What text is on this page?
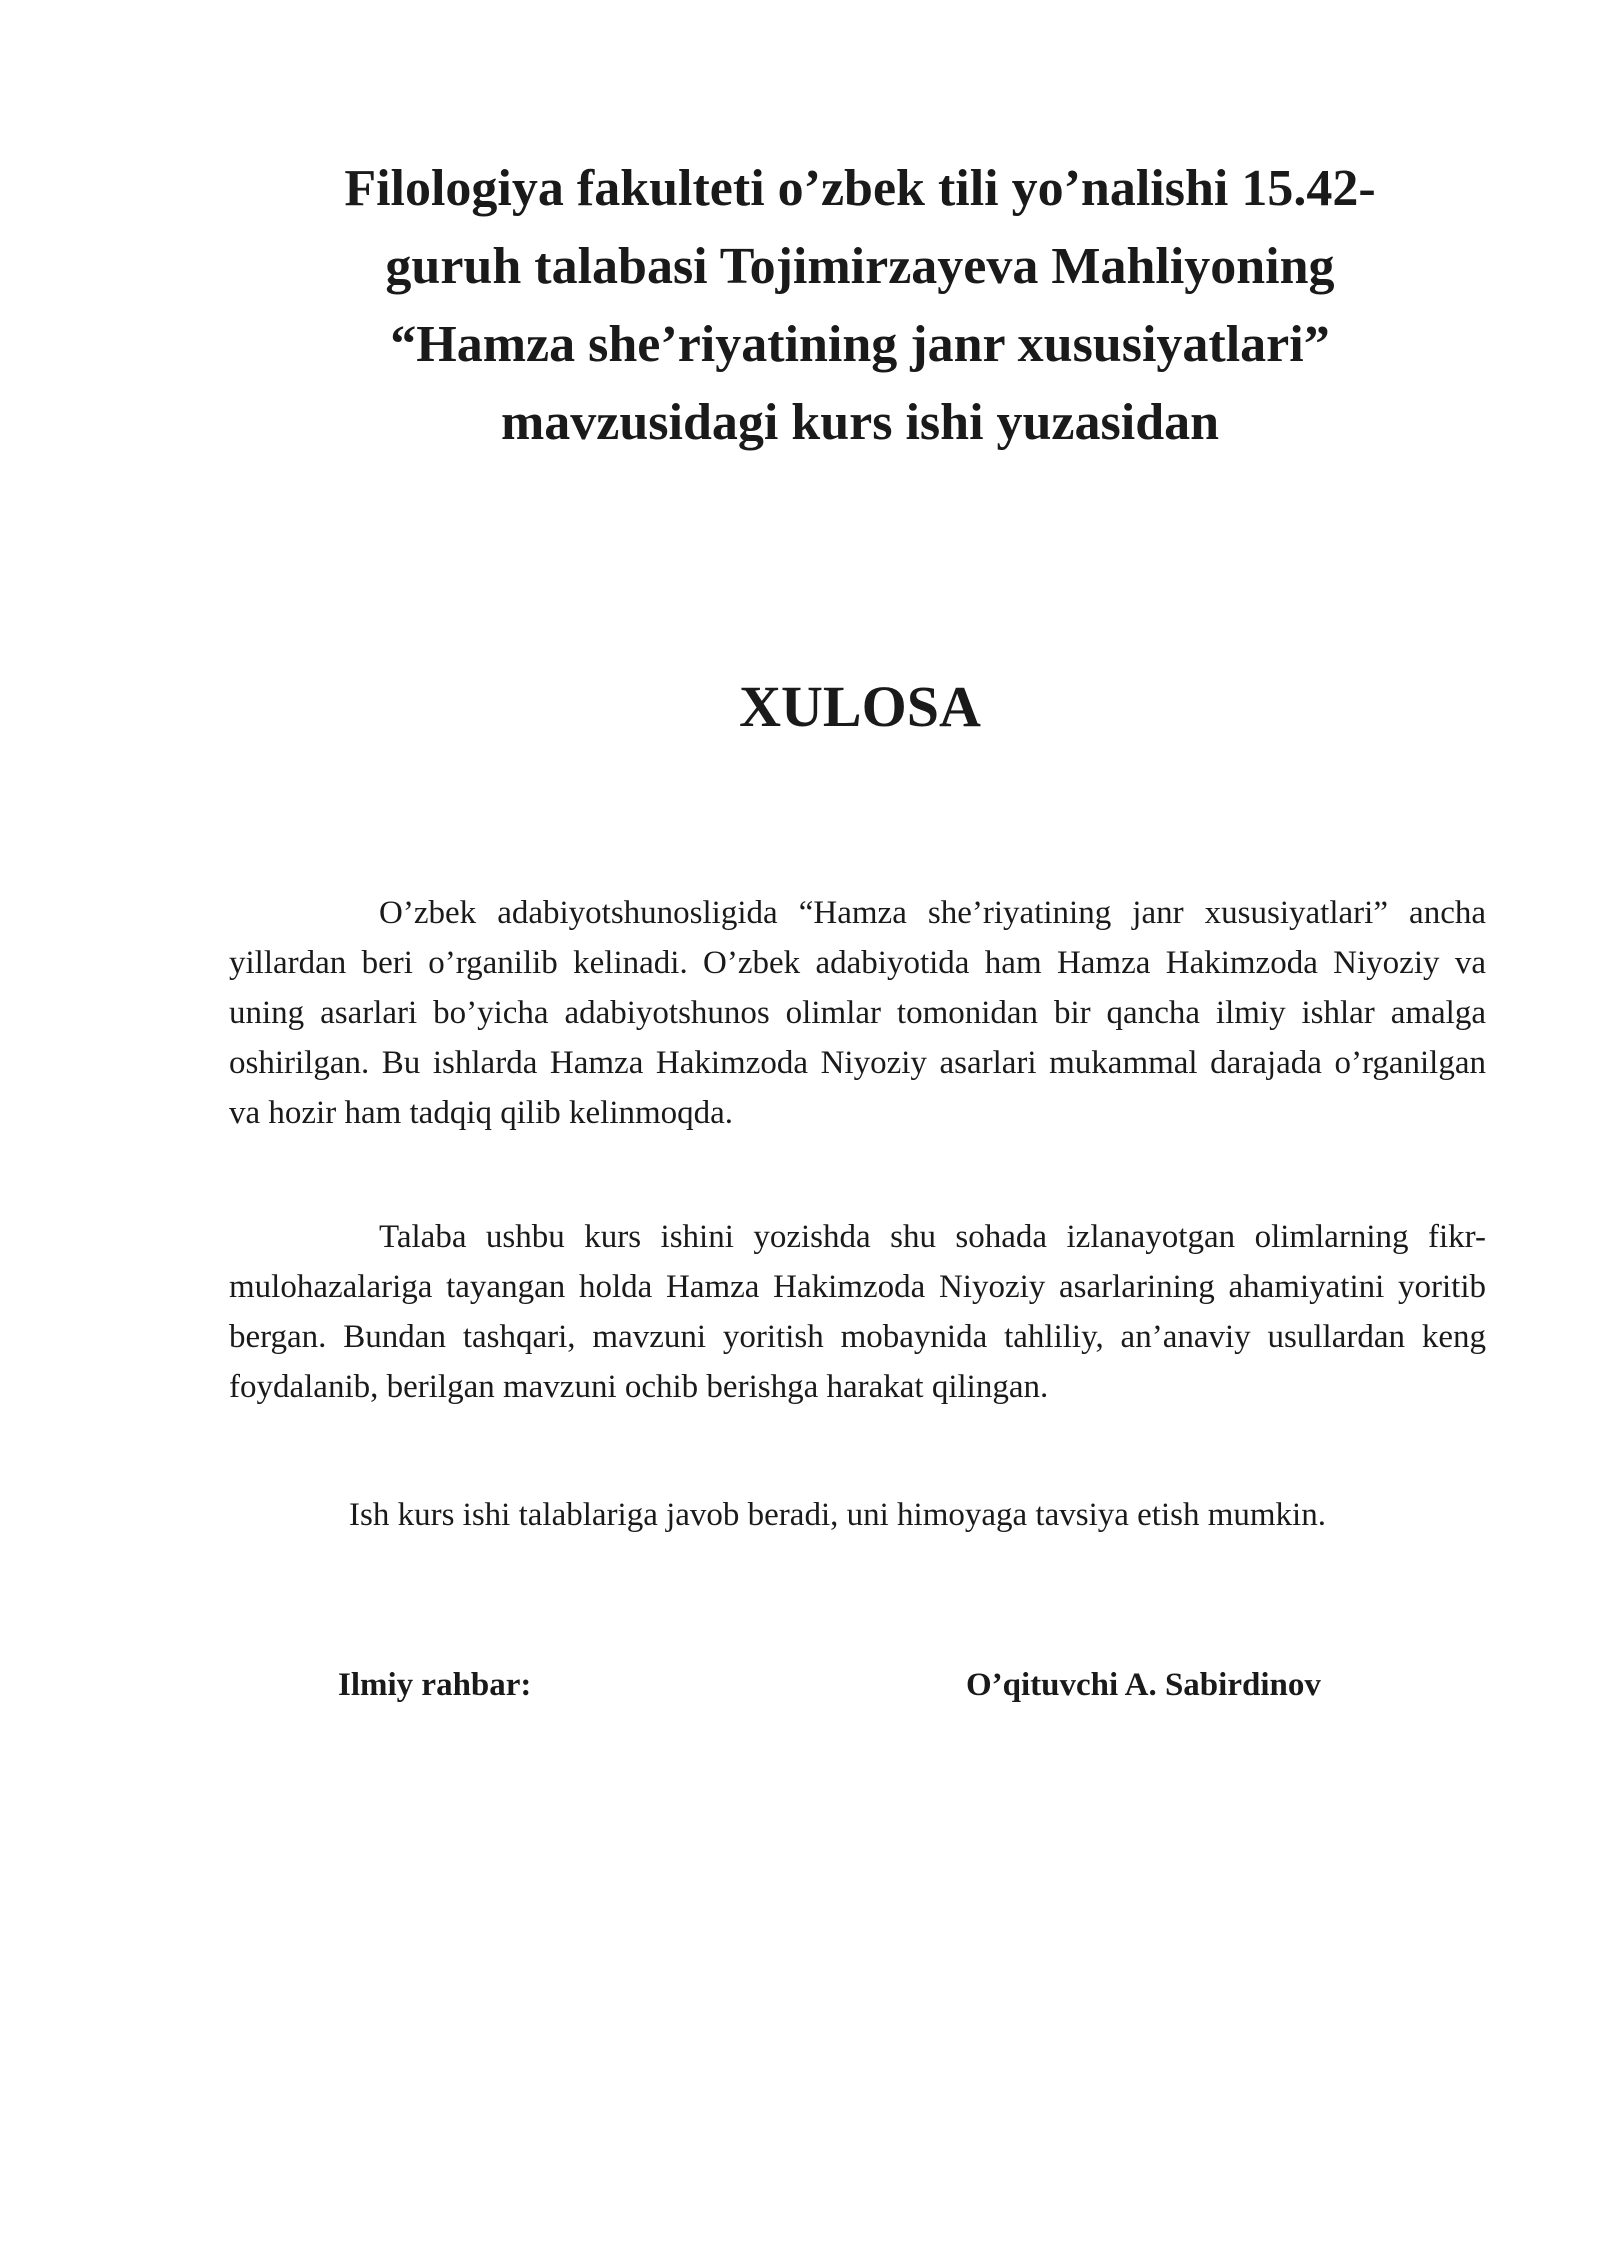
Filologiya fakulteti o’zbek tili yo’nalishi 15.42-
guruh talabasi Tojimirzayeva Mahliyoning
“Hamza she’riyatining janr xususiyatlari”
mavzusidagi kurs ishi yuzasidan
XULOSA

O’zbek adabiyotshunosligida “Hamza she’riyatining janr xususiyatlari” ancha yillardan beri o’rganilib kelinadi. O’zbek adabiyotida ham Hamza Hakimzoda Niyoziy va uning asarlari bo’yicha adabiyotshunos olimlar tomonidan bir qancha ilmiy ishlar amalga oshirilgan. Bu ishlarda Hamza Hakimzoda Niyoziy asarlari mukammal darajada o’rganilgan va hozir ham tadqiq qilib kelinmoqda.

Talaba ushbu kurs ishini yozishda shu sohada izlanayotgan olimlarning fikr-mulohazalariga tayangan holda Hamza Hakimzoda Niyoziy asarlarining ahamiyatini yoritib bergan. Bundan tashqari, mavzuni yoritish mobaynida tahliliy, an’anaviy usullardan keng foydalanib, berilgan mavzuni ochib berishga harakat qilingan.

Ish kurs ishi talablariga javob beradi, uni himoyaga tavsiya etish mumkin.

Ilmiy rahbar:	O’qituvchi A. Sabirdinov
